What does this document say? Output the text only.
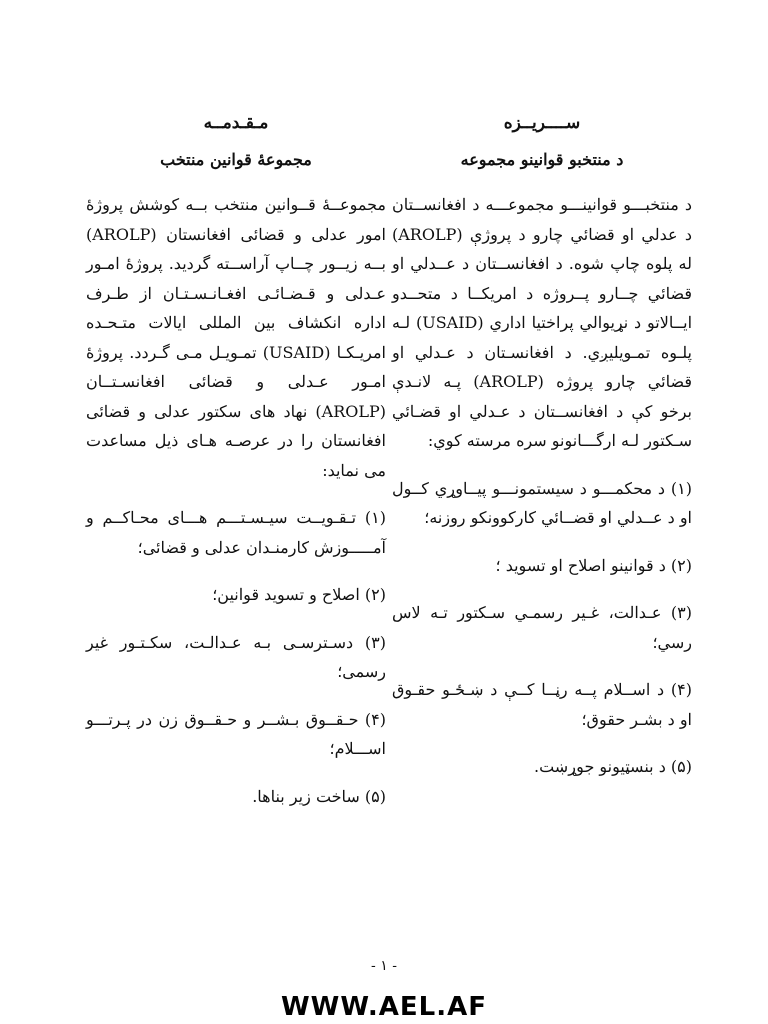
ســــريــزه
د منتخبو قوانينو مجموعه

د منتخبـــو قوانينـــو مجموعـــه د افغانســتان د عدلي او قضائي چارو د پروژې (AROLP) له پلوه چاپ شوه. د افغانســتان د عــدلي او قضائي چــارو پــروژه د امريكــا د متحــدو ايــالاتو د نړيوالي پراختيا اداري (USAID) لـه پلـوه تمـويليږي. د افغانسـتان د عـدلي او قضائي چارو پروژه (AROLP) پـه لانـدې برخو كې د افغانســتان د عـدلي او قضـائي سـكتور لـه ارگـــانونو سره مرسته كوي:

(۱) د محكمـــو د سيستمونـــو پيــاوړي كــول او د عــدلي او قضــائي كاركوونكو روزنه؛

(۲) د قوانينو اصلاح او تسويد ؛

(۳) عـدالت، غـير رسمـي سـكتور تـه لاس رسي؛

(۴) د اســلام پــه رڼــا كــې د ښـځـو حقـوق او د بشـر حقوق؛

(۵) د بنسټيونو جوړښت.

مـقـدمــه
مجموعۀ قوانين منتخب

مجموعــۀ قــوانين منتخب بــه كوشش پروژۀ امور عدلی و قضائی افغانستان (AROLP) بــه زيــور چــاپ آراســته گرديد. پروژۀ امـور عـدلی و قـضـائـی افغـانـسـتـان از طـرف اداره انكشاف بين المللی ايالات متـحـده امريـكـا (USAID) تمـويـل مـی گـردد. پروژۀ امـور عـدلی و قضائی افغانسـتــان (AROLP) نهاد های سكتور عدلی و قضائی افغانستان را در عرصـه هـای ذيل مساعدت می نمايد:

(۱) تـقـويــت سيـسـتـــم هـــای محـاكــم و آمـــــوزش كارمنـدان عدلی و قضائی؛

(۲) اصلاح و تسويد قوانين؛

(۳) دسـترسـی بـه عـدالـت، سكـتـور غير رسمی؛

(۴) حـقــوق بـشــر و حـقــوق زن در پـرتـــو اســـلام؛

(۵) ساخت زير بناها.

- ۱ -
WWW.AEL.AF
